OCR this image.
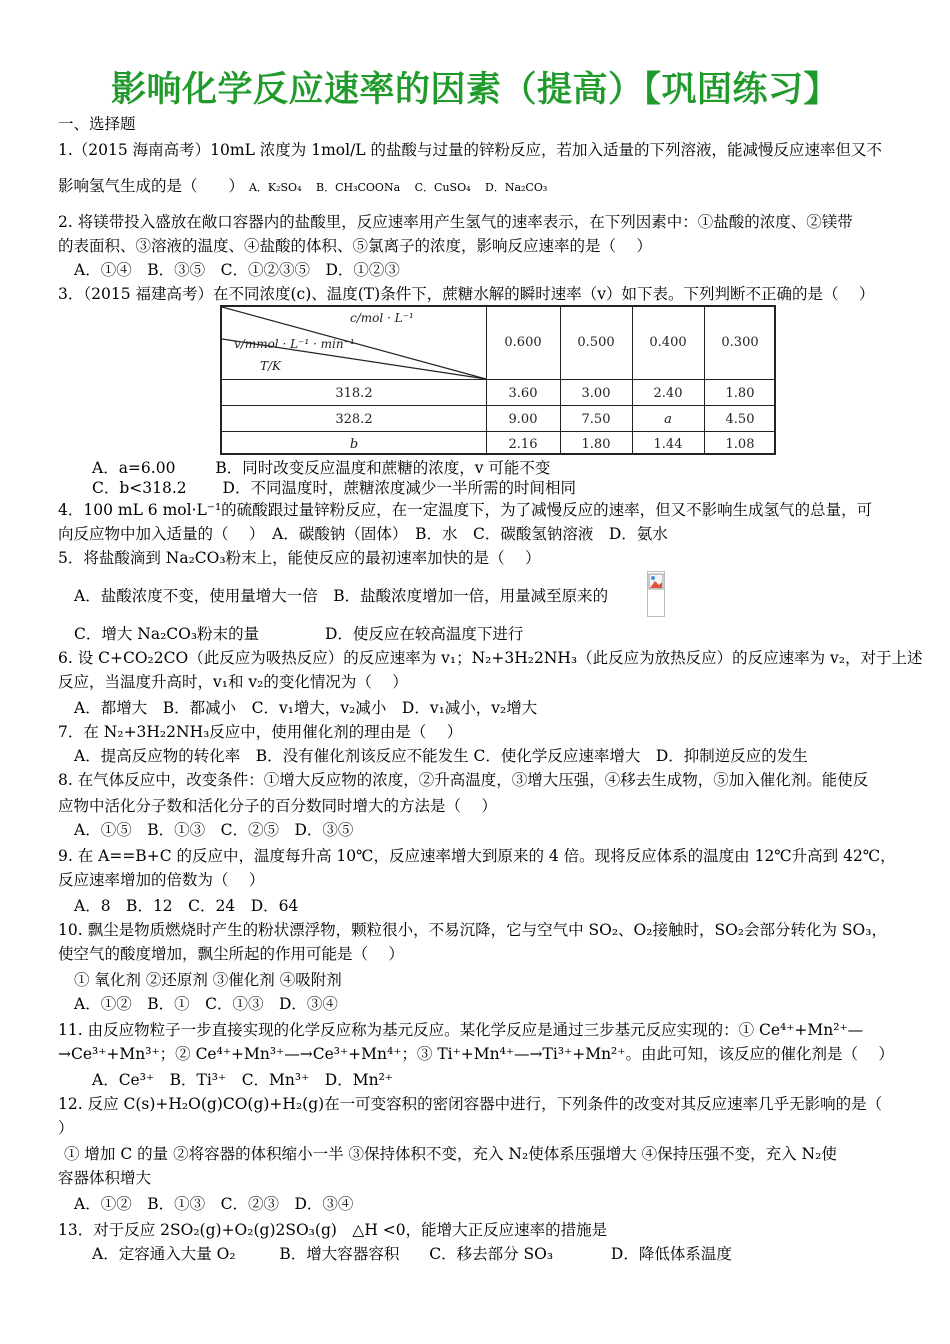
影响化学反应速率的因素（提高）【巩固练习】
一、选择题
1.（2015 海南高考）10mL 浓度为 1mol/L 的盐酸与过量的锌粉反应，若加入适量的下列溶液，能减慢反应速率但又不
影响氢气生成的是（　　） A．K₂SO₄　 B．CH₃COONa　 C．CuSO₄　 D．Na₂CO₃
2. 将镁带投入盛放在敞口容器内的盐酸里，反应速率用产生氢气的速率表示，在下列因素中：①盐酸的浓度、②镁带
的表面积、③溶液的温度、④盐酸的体积、⑤氯离子的浓度，影响反应速率的是（　 ）
A．①④　B．③⑤　C．①②③⑤　D．①②③
3．（2015 福建高考）在不同浓度(c)、温度(T)条件下，蔗糖水解的瞬时速率（v）如下表。下列判断不正确的是（　 ）
c/mol · L⁻¹
v/mmol · L⁻¹ · min⁻¹
T/K
0.600	0.500	0.400	0.300
318.2	3.60	3.00	2.40	1.80
328.2	9.00	7.50	a	4.50
b	2.16	1.80	1.44	1.08
A．a=6.00	B．同时改变反应温度和蔗糖的浓度，v 可能不变
C．b<318.2 D．不同温度时，蔗糖浓度减少一半所需的时间相同
4．100 mL 6 mol·L⁻¹的硫酸跟过量锌粉反应，在一定温度下，为了减慢反应的速率，但又不影响生成氢气的总量，可
向反应物中加入适量的（　 ）　A．碳酸钠（固体）　B．水　C．碳酸氢钠溶液　D．氨水
5．将盐酸滴到 Na₂CO₃粉末上，能使反应的最初速率加快的是（　 ）
A．盐酸浓度不变，使用量增大一倍　B．盐酸浓度增加一倍，用量减至原来的
C．增大 Na₂CO₃粉末的量	D．使反应在较高温度下进行
6. 设 C+CO₂2CO（此反应为吸热反应）的反应速率为 v₁；N₂+3H₂2NH₃（此反应为放热反应）的反应速率为 v₂，对于上述
反应，当温度升高时，v₁和 v₂的变化情况为（　 ）
A．都增大　B．都减小　C．v₁增大，v₂减小　D．v₁减小，v₂增大
7．在 N₂+3H₂2NH₃反应中，使用催化剂的理由是（　 ）
A．提高反应物的转化率　B．没有催化剂该反应不能发生 C．使化学反应速率增大　D．抑制逆反应的发生
8. 在气体反应中，改变条件：①增大反应物的浓度，②升高温度，③增大压强，④移去生成物，⑤加入催化剂。能使反
应物中活化分子数和活化分子的百分数同时增大的方法是（　 ）
A．①⑤　B．①③　C．②⑤　D．③⑤
9. 在 A==B+C 的反应中，温度每升高 10℃，反应速率增大到原来的 4 倍。现将反应体系的温度由 12℃升高到 42℃，
反应速率增加的倍数为（　 ）
A．8　B．12　C．24　D．64
10. 飘尘是物质燃烧时产生的粉状漂浮物，颗粒很小，不易沉降，它与空气中 SO₂、O₂接触时，SO₂会部分转化为 SO₃，
使空气的酸度增加，飘尘所起的作用可能是（　 ）
① 氧化剂 ②还原剂 ③催化剂 ④吸附剂
A．①②　B．①　C．①③　D．③④
11. 由反应物粒子一步直接实现的化学反应称为基元反应。某化学反应是通过三步基元反应实现的：① Ce⁴⁺+Mn²⁺—
→Ce³⁺+Mn³⁺；② Ce⁴⁺+Mn³⁺—→Ce³⁺+Mn⁴⁺；③ Ti⁺+Mn⁴⁺—→Ti³⁺+Mn²⁺。由此可知，该反应的催化剂是（　 ）
A．Ce³⁺　B．Ti³⁺　C．Mn³⁺　D．Mn²⁺
12. 反应 C(s)+H₂O(g)CO(g)+H₂(g)在一可变容积的密闭容器中进行，下列条件的改变对其反应速率几乎无影响的是（
）
① 增加 C 的量 ②将容器的体积缩小一半 ③保持体积不变，充入 N₂使体系压强增大 ④保持压强不变，充入 N₂使
容器体积增大
A．①②　B．①③　C．②③　D．③④
13．对于反应 2SO₂(g)+O₂(g)2SO₃(g)　△H <0，能增大正反应速率的措施是
A．定容通入大量 O₂	B．增大容器容积 C．移去部分 SO₃	D．降低体系温度
